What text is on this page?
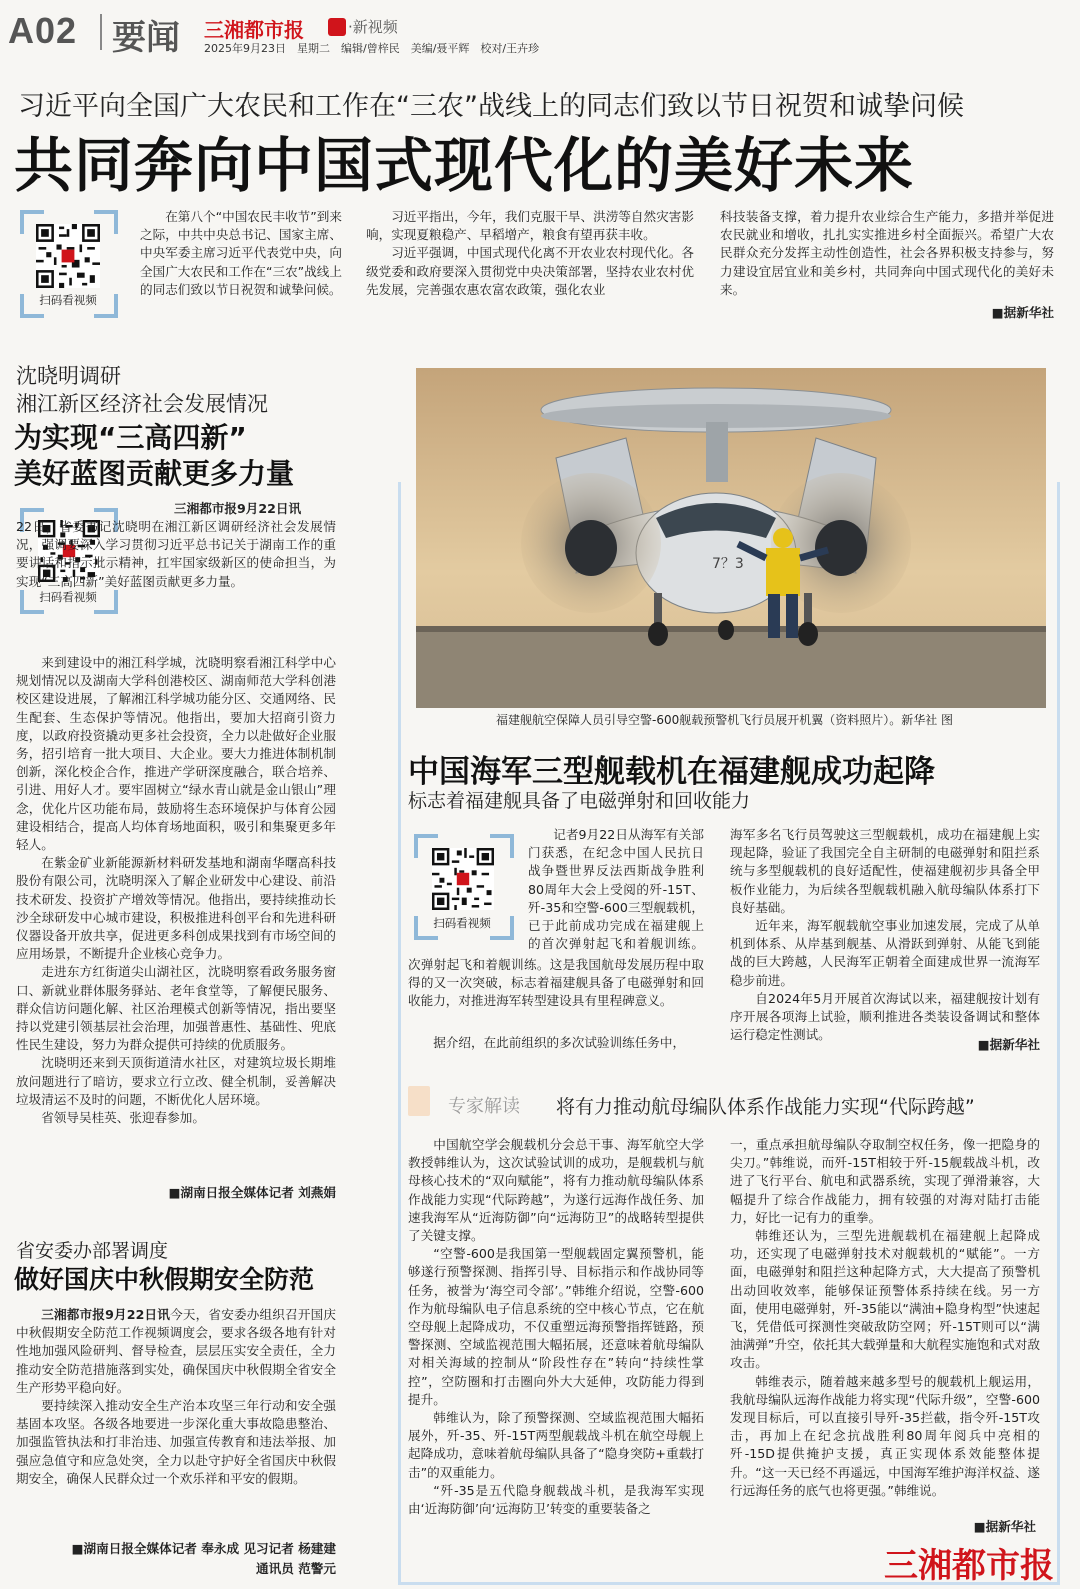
A02 要闻 三湘都市报	·新视频
2025年9月23日　星期二　编辑/曾梓民　美编/聂平辉　校对/王卉珍
习近平向全国广大农民和工作在“三农”战线上的同志们致以节日祝贺和诚挚问候
共同奔向中国式现代化的美好未来
扫码看视频

在第八个“中国农民丰收节”到来之际，中共中央总书记、国家主席、中央军委主席习近平代表党中央，向全国广大农民和工作在“三农”战线上的同志们致以节日祝贺和诚挚问候。

习近平指出，今年，我们克服干旱、洪涝等自然灾害影响，实现夏粮稳产、早稻增产，粮食有望再获丰收。

习近平强调，中国式现代化离不开农业农村现代化。各级党委和政府要深入贯彻党中央决策部署，坚持农业农村优先发展，完善强农惠农富农政策，强化农业

科技装备支撑，着力提升农业综合生产能力，多措并举促进农民就业和增收，扎扎实实推进乡村全面振兴。希望广大农民群众充分发挥主动性创造性，社会各界积极支持参与，努力建设宜居宜业和美乡村，共同奔向中国式现代化的美好未来。

■据新华社
沈晓明调研
湘江新区经济社会发展情况
为实现“三高四新”
美好蓝图贡献更多力量
扫码看视频

三湘都市报9月22日讯

22日，省委书记沈晓明在湘江新区调研经济社会发展情况，强调要深入学习贯彻习近平总书记关于湖南工作的重要讲话和指示批示精神，扛牢国家级新区的使命担当，为实现“三高四新”美好蓝图贡献更多力量。

来到建设中的湘江科学城，沈晓明察看湘江科学中心规划情况以及湖南大学科创港校区、湖南师范大学科创港校区建设进展，了解湘江科学城功能分区、交通网络、民生配套、生态保护等情况。他指出，要加大招商引资力度，以政府投资撬动更多社会投资，全力以赴做好企业服务，招引培育一批大项目、大企业。要大力推进体制机制创新，深化校企合作，推进产学研深度融合，联合培养、引进、用好人才。要牢固树立“绿水青山就是金山银山”理念，优化片区功能布局，鼓励将生态环境保护与体育公园建设相结合，提高人均体育场地面积，吸引和集聚更多年轻人。

在紫金矿业新能源新材料研发基地和湖南华曙高科技股份有限公司，沈晓明深入了解企业研发中心建设、前沿技术研发、投资扩产增效等情况。他指出，要持续推动长沙全球研发中心城市建设，积极推进科创平台和先进科研仪器设备开放共享，促进更多科创成果找到有市场空间的应用场景，不断提升企业核心竞争力。

走进东方红街道尖山湖社区，沈晓明察看政务服务窗口、新就业群体服务驿站、老年食堂等，了解便民服务、群众信访问题化解、社区治理模式创新等情况，指出要坚持以党建引领基层社会治理，加强普惠性、基础性、兜底性民生建设，努力为群众提供可持续的优质服务。

沈晓明还来到天顶街道清水社区，对建筑垃圾长期堆放问题进行了暗访，要求立行立改、健全机制，妥善解决垃圾清运不及时的问题，不断优化人居环境。

省领导吴桂英、张迎春参加。

■湖南日报全媒体记者 刘燕娟
省安委办部署调度
做好国庆中秋假期安全防范

三湘都市报9月22日讯今天，省安委办组织召开国庆中秋假期安全防范工作视频调度会，要求各级各地有针对性地加强风险研判、督导检查，层层压实安全责任，全力推动安全防范措施落到实处，确保国庆中秋假期全省安全生产形势平稳向好。

要持续深入推动安全生产治本攻坚三年行动和安全强基固本攻坚。各级各地要进一步深化重大事故隐患整治、加强监管执法和打非治违、加强宣传教育和违法举报、加强应急值守和应急处突，全力以赴守护好全省国庆中秋假期安全，确保人民群众过一个欢乐祥和平安的假期。

■湖南日报全媒体记者 奉永成 见习记者 杨建建
通讯员 范警元
7？3
福建舰航空保障人员引导空警-600舰载预警机飞行员展开机翼（资料照片）。新华社 图
中国海军三型舰载机在福建舰成功起降
标志着福建舰具备了电磁弹射和回收能力
扫码看视频

记者9月22日从海军有关部门获悉，在纪念中国人民抗日战争暨世界反法西斯战争胜利80周年大会上受阅的歼-15T、歼-35和空警-600三型舰载机，已于此前成功完成在福建舰上的首次弹射起飞和着舰训练。

次弹射起飞和着舰训练。这是我国航母发展历程中取得的又一次突破，标志着福建舰具备了电磁弹射和回收能力，对推进海军转型建设具有里程碑意义。

据介绍，在此前组织的多次试验训练任务中，

海军多名飞行员驾驶这三型舰载机，成功在福建舰上实现起降，验证了我国完全自主研制的电磁弹射和阻拦系统与多型舰载机的良好适配性，使福建舰初步具备全甲板作业能力，为后续各型舰载机融入航母编队体系打下良好基础。

近年来，海军舰载航空事业加速发展，完成了从单机到体系、从岸基到舰基、从滑跃到弹射、从能飞到能战的巨大跨越，人民海军正朝着全面建成世界一流海军稳步前进。

自2024年5月开展首次海试以来，福建舰按计划有序开展各项海上试验，顺利推进各类装设备调试和整体运行稳定性测试。

■据新华社
专家解读 将有力推动航母编队体系作战能力实现“代际跨越”

中国航空学会舰载机分会总干事、海军航空大学教授韩维认为，这次试验试训的成功，是舰载机与航母核心技术的“双向赋能”，将有力推动航母编队体系作战能力实现“代际跨越”，为遂行远海作战任务、加速我海军从“近海防御”向“远海防卫”的战略转型提供了关键支撑。

“空警-600是我国第一型舰载固定翼预警机，能够遂行预警探测、指挥引导、目标指示和作战协同等任务，被誉为‘海空司令部’。”韩维介绍说，空警-600作为航母编队电子信息系统的空中核心节点，它在航空母舰上起降成功，不仅重塑远海预警指挥链路，预警探测、空域监视范围大幅拓展，还意味着航母编队对相关海域的控制从“阶段性存在”转向“持续性掌控”，空防圈和打击圈向外大大延伸，攻防能力得到提升。

韩维认为，除了预警探测、空域监视范围大幅拓展外，歼-35、歼-15T两型舰载战斗机在航空母舰上起降成功，意味着航母编队具备了“隐身突防+重载打击”的双重能力。

“歼-35是五代隐身舰载战斗机，是我海军实现由‘近海防御’向‘远海防卫’转变的重要装备之

一，重点承担航母编队夺取制空权任务，像一把隐身的尖刀。”韩维说，而歼-15T相较于歼-15舰载战斗机，改进了飞行平台、航电和武器系统，实现了弹滑兼容，大幅提升了综合作战能力，拥有较强的对海对陆打击能力，好比一记有力的重拳。

韩维还认为，三型先进舰载机在福建舰上起降成功，还实现了电磁弹射技术对舰载机的“赋能”。一方面，电磁弹射和阻拦这种起降方式，大大提高了预警机出动回收效率，能够保证预警体系持续在线。另一方面，使用电磁弹射，歼-35能以“满油+隐身构型”快速起飞，凭借低可探测性突破敌防空网；歼-15T则可以“满油满弹”升空，依托其大载弹量和大航程实施饱和式对敌攻击。

韩维表示，随着越来越多型号的舰载机上舰运用，我航母编队远海作战能力将实现“代际升级”，空警-600发现目标后，可以直接引导歼-35拦截，指令歼-15T攻击，再加上在纪念抗战胜利80周年阅兵中亮相的歼-15D提供掩护支援，真正实现体系效能整体提升。“这一天已经不再遥远，中国海军维护海洋权益、遂行远海任务的底气也将更强。”韩维说。

■据新华社
三湘都市报
